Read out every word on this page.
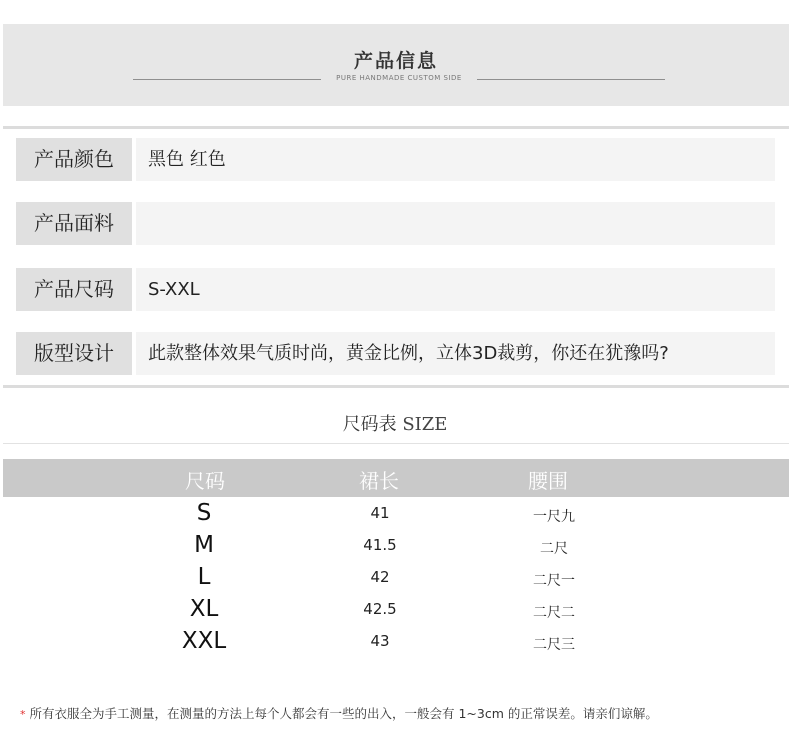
产品信息
PURE HANDMADE CUSTOM SIDE
产品颜色	黑色 红色
产品面料
产品尺码	S-XXL
版型设计	此款整体效果气质时尚，黄金比例，立体3D裁剪，你还在犹豫吗?
尺码表 SIZE
尺码	裙长	腰围
S	41	一尺九
M	41.5	二尺
L	42	二尺一
XL	42.5	二尺二
XXL	43	二尺三
* 所有衣服全为手工测量，在测量的方法上每个人都会有一些的出入，一般会有 1~3cm 的正常误差。请亲们谅解。
